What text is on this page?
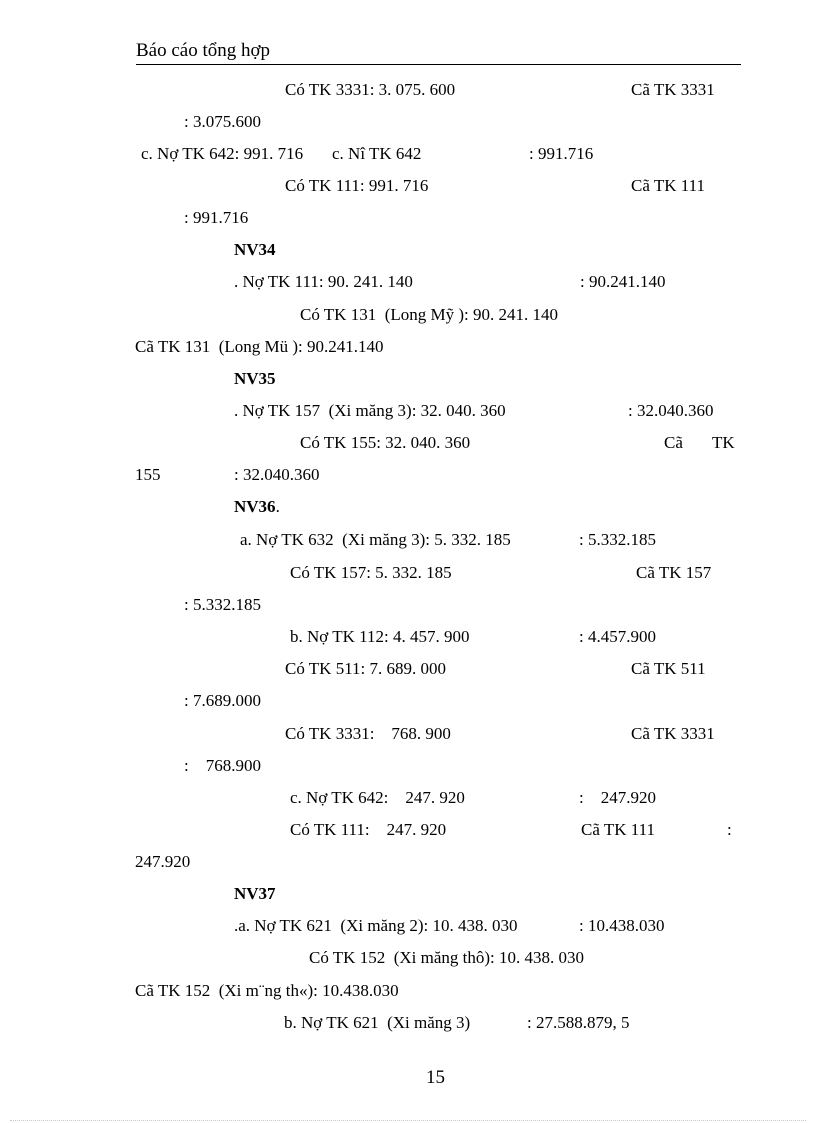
Báo cáo tổng hợp
Có TK 3331: 3. 075. 600	Cã TK 3331
: 3.075.600
c. Nợ TK 642: 991. 716 c. Nî TK 642	: 991.716
Có TK 111: 991. 716	Cã TK 111
: 991.716
NV34
. Nợ TK 111: 90. 241. 140	: 90.241.140
Có TK 131  (Long Mỹ ): 90. 241. 140
Cã TK 131  (Long Mü ): 90.241.140
NV35
. Nợ TK 157  (Xi măng 3): 32. 040. 360	: 32.040.360
Có TK 155: 32. 040. 360	Cã TK
155	: 32.040.360
NV36.
a. Nợ TK 632  (Xi măng 3): 5. 332. 185	: 5.332.185
Có TK 157: 5. 332. 185	Cã TK 157
: 5.332.185
b. Nợ TK 112: 4. 457. 900	: 4.457.900
Có TK 511: 7. 689. 000	Cã TK 511
: 7.689.000
Có TK 3331:    768. 900	Cã TK 3331
:    768.900
c. Nợ TK 642:    247. 920	:    247.920
Có TK 111:    247. 920	Cã TK 111	:
247.920
NV37
.a. Nợ TK 621  (Xi măng 2): 10. 438. 030	: 10.438.030
Có TK 152  (Xi măng thô): 10. 438. 030
Cã TK 152  (Xi m¨ng th«): 10.438.030
b. Nợ TK 621  (Xi măng 3)	: 27.588.879, 5
15
